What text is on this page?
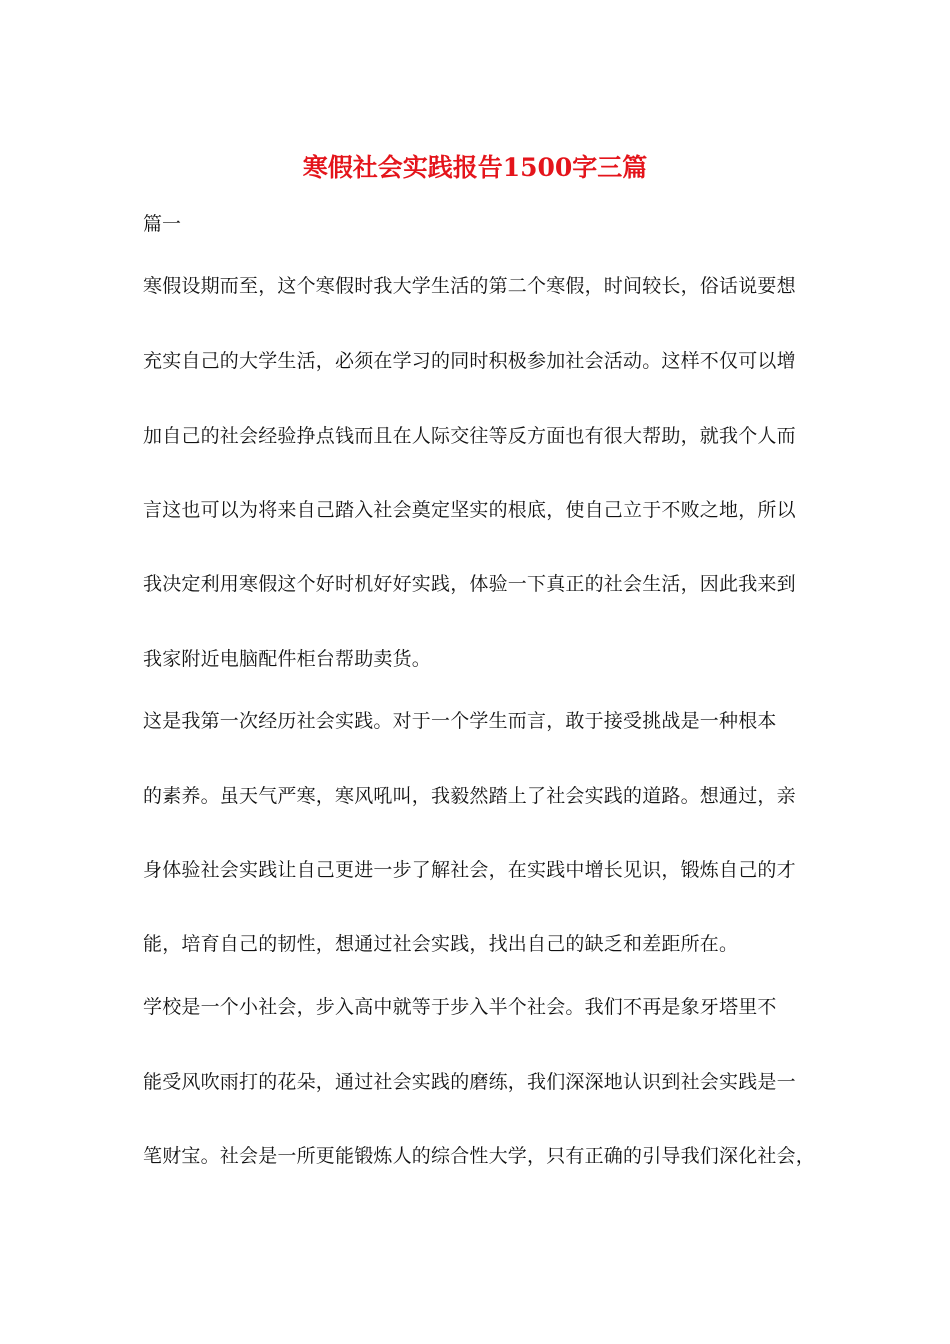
寒假社会实践报告1500字三篇
篇一
寒假设期而至，这个寒假时我大学生活的第二个寒假，时间较长，俗话说要想
充实自己的大学生活，必须在学习的同时积极参加社会活动。这样不仅可以增
加自己的社会经验挣点钱而且在人际交往等反方面也有很大帮助，就我个人而
言这也可以为将来自己踏入社会奠定坚实的根底，使自己立于不败之地，所以
我决定利用寒假这个好时机好好实践，体验一下真正的社会生活，因此我来到
我家附近电脑配件柜台帮助卖货。
这是我第一次经历社会实践。对于一个学生而言，敢于接受挑战是一种根本
的素养。虽天气严寒，寒风吼叫，我毅然踏上了社会实践的道路。想通过，亲
身体验社会实践让自己更进一步了解社会，在实践中增长见识，锻炼自己的才
能，培育自己的韧性，想通过社会实践，找出自己的缺乏和差距所在。
学校是一个小社会，步入高中就等于步入半个社会。我们不再是象牙塔里不
能受风吹雨打的花朵，通过社会实践的磨练，我们深深地认识到社会实践是一
笔财宝。社会是一所更能锻炼人的综合性大学，只有正确的引导我们深化社会，
